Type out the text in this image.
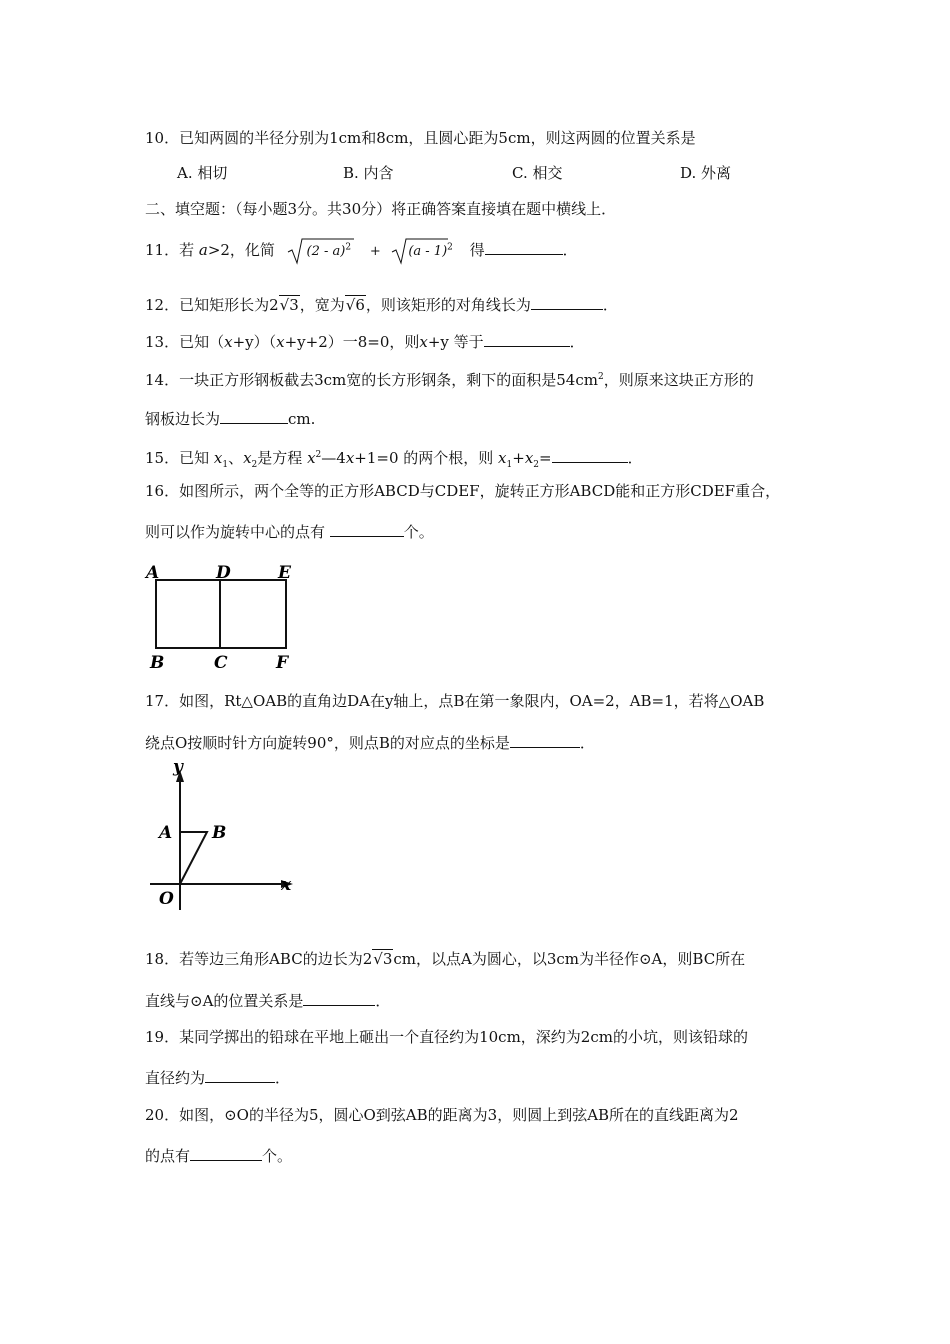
10．已知两圆的半径分别为1cm和8cm，且圆心距为5cm，则这两圆的位置关系是
A. 相切	B. 内含	C. 相交	D. 外离
二、填空题：（每小题3分。共30分）将正确答案直接填在题中横线上．
11．若 a>2，化简 (2 - a)$^2$ + (a - 1)$^2$ 得	．
12．已知矩形长为2√3，宽为√6，则该矩形的对角线长为	．
13．已知（x+y）（x+y+2）一8=0，则x+y 等于	．
14．一块正方形钢板截去3cm宽的长方形钢条，剩下的面积是$54cm^2$，则原来这块正方形的
钢板边长为	cm.
15．已知 $x_1$、$x_2$是方程 $x^2—4x+1=0$ 的两个根，则 $x_1+x_2=$	．
16．如图所示，两个全等的正方形ABCD与CDEF，旋转正方形ABCD能和正方形CDEF重合，
则可以作为旋转中心的点有	个。
A	D	E
B	C	F
17．如图，Rt△OAB的直角边DA在y轴上，点B在第一象限内，OA=2，AB=1，若将△OAB
绕点O按顺时针方向旋转90°，则点B的对应点的坐标是	．
y
A B
O
x
18．若等边三角形ABC的边长为2√3cm，以点A为圆心，以3cm为半径作⊙A，则BC所在
直线与⊙A的位置关系是	．
19．某同学掷出的铅球在平地上砸出一个直径约为10cm，深约为2cm的小坑，则该铅球的
直径约为	．
20．如图，⊙O的半径为5，圆心O到弦AB的距离为3，则圆上到弦AB所在的直线距离为2
的点有	个。
